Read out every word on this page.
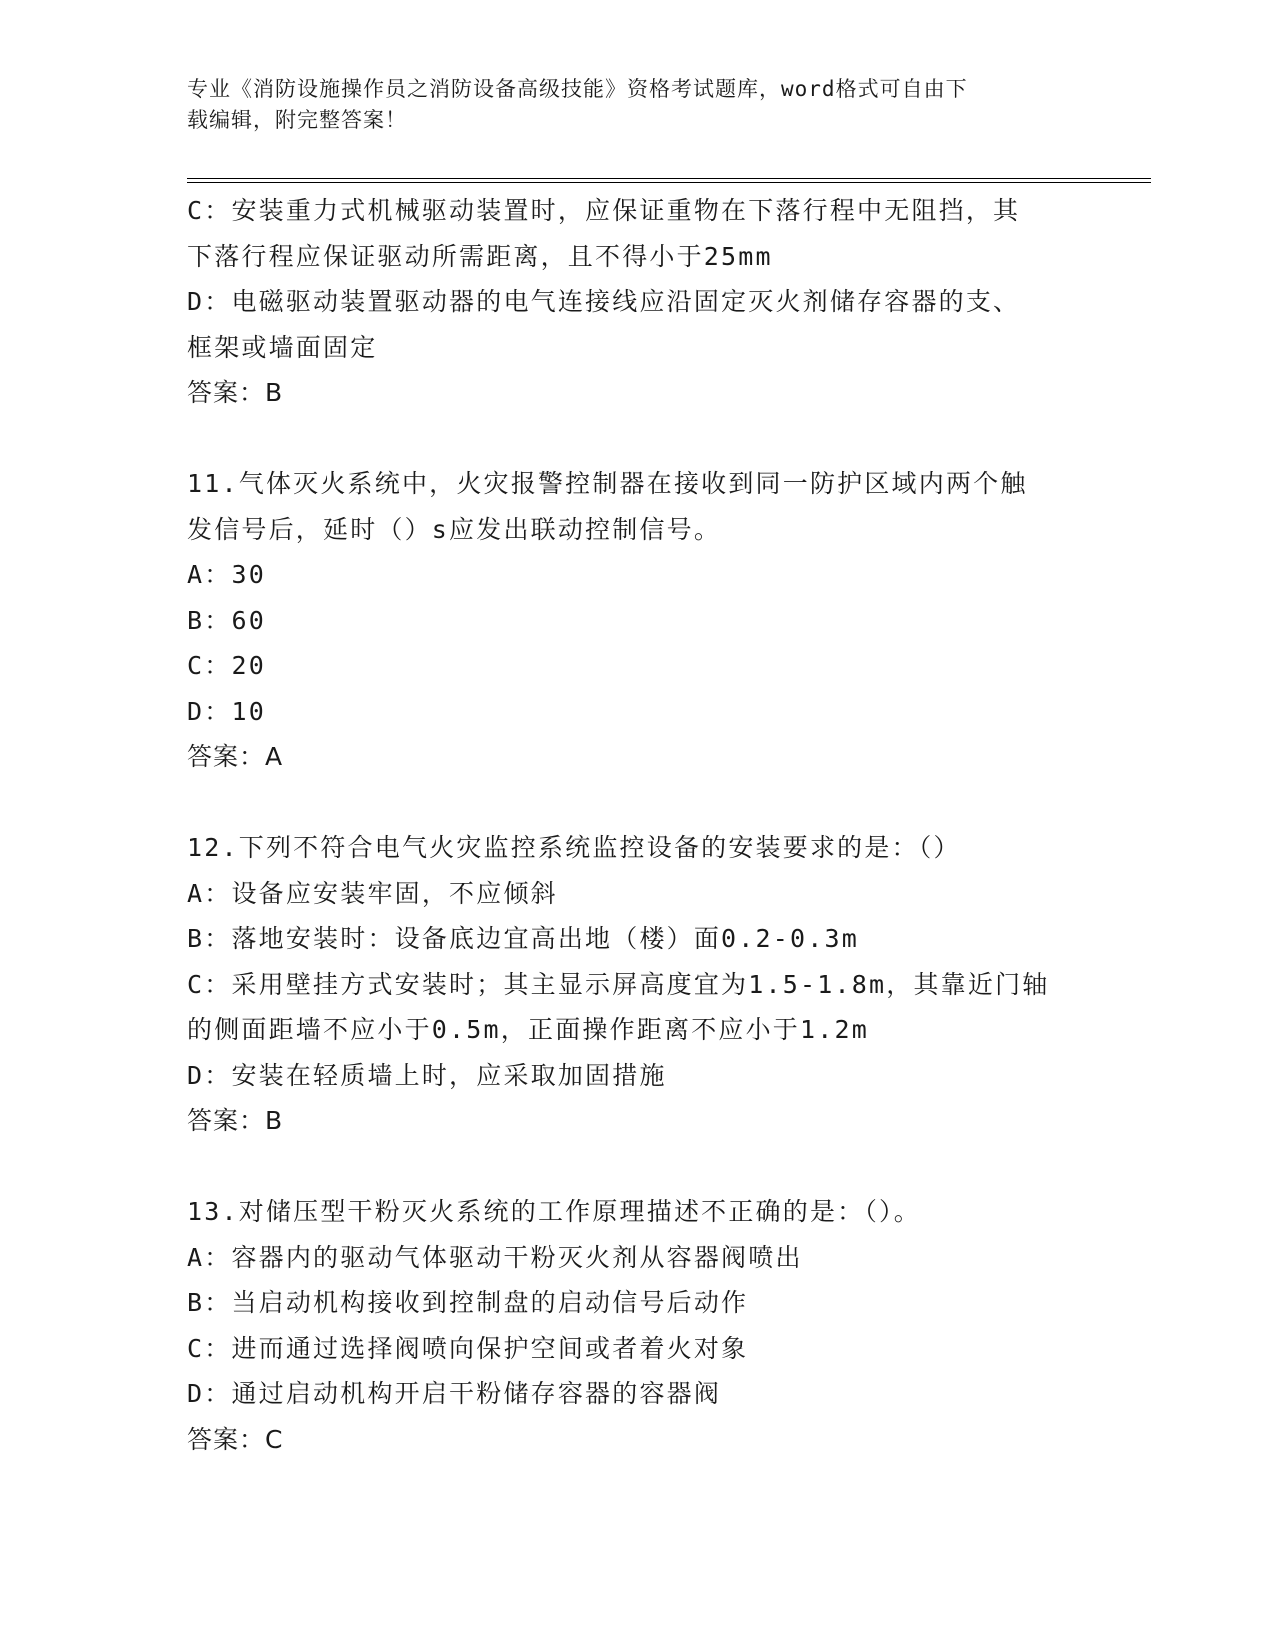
专业《消防设施操作员之消防设备高级技能》资格考试题库，word格式可自由下
载编辑，附完整答案！
C：安装重力式机械驱动装置时，应保证重物在下落行程中无阻挡，其
下落行程应保证驱动所需距离，且不得小于25mm
D：电磁驱动装置驱动器的电气连接线应沿固定灭火剂储存容器的支、
框架或墙面固定
答案：B
11.气体灭火系统中，火灾报警控制器在接收到同一防护区域内两个触
发信号后，延时（）s应发出联动控制信号。
A：30
B：60
C：20
D：10
答案：A
12.下列不符合电气火灾监控系统监控设备的安装要求的是：（）
A：设备应安装牢固，不应倾斜
B：落地安装时：设备底边宜高出地（楼）面0.2-0.3m
C：采用壁挂方式安装时；其主显示屏高度宜为1.5-1.8m，其靠近门轴
的侧面距墙不应小于0.5m，正面操作距离不应小于1.2m
D：安装在轻质墙上时，应采取加固措施
答案：B
13.对储压型干粉灭火系统的工作原理描述不正确的是：（）。
A：容器内的驱动气体驱动干粉灭火剂从容器阀喷出
B：当启动机构接收到控制盘的启动信号后动作
C：进而通过选择阀喷向保护空间或者着火对象
D：通过启动机构开启干粉储存容器的容器阀
答案：C
